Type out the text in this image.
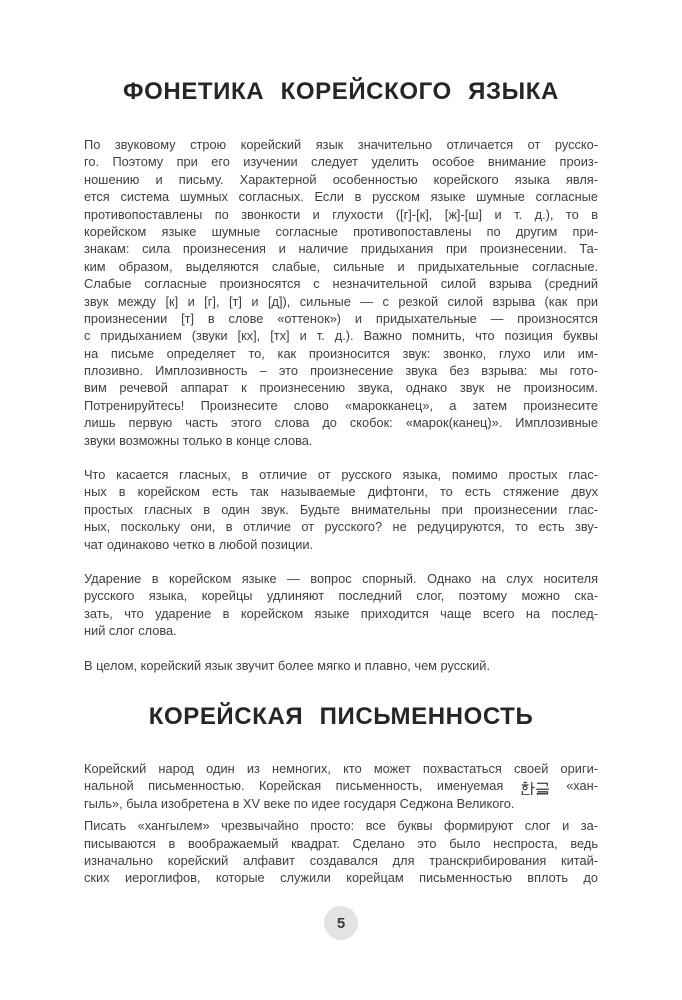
ФОНЕТИКА КОРЕЙСКОГО ЯЗЫКА
По звуковому строю корейский язык значительно отличается от русско-
го. Поэтому при его изучении следует уделить особое внимание произ-
ношению и письму. Характерной особенностью корейского языка явля-
ется система шумных согласных. Если в русском языке шумные согласные
противопоставлены по звонкости и глухости ([г]-[к], [ж]-[ш] и т. д.), то в
корейском языке шумные согласные противопоставлены по другим при-
знакам: сила произнесения и наличие придыхания при произнесении. Та-
ким образом, выделяются слабые, сильные и придыхательные согласные.
Слабые согласные произносятся с незначительной силой взрыва (средний
звук между [к] и [г], [т] и [д]), сильные — с резкой силой взрыва (как при
произнесении [т] в слове «оттенок») и придыхательные — произносятся
с придыханием (звуки [кх], [тх] и т. д.). Важно помнить, что позиция буквы
на письме определяет то, как произносится звук: звонко, глухо или им-
плозивно. Имплозивность – это произнесение звука без взрыва: мы гото-
вим речевой аппарат к произнесению звука, однако звук не произносим.
Потренируйтесь! Произнесите слово «марокканец», а затем произнесите
лишь первую часть этого слова до скобок: «марок(канец)». Имплозивные
звуки возможны только в конце слова.
Что касается гласных, в отличие от русского языка, помимо простых глас-
ных в корейском есть так называемые дифтонги, то есть стяжение двух
простых гласных в один звук. Будьте внимательны при произнесении глас-
ных, поскольку они, в отличие от русского? не редуцируются, то есть зву-
чат одинаково четко в любой позиции.
Ударение в корейском языке — вопрос спорный. Однако на слух носителя
русского языка, корейцы удлиняют последний слог, поэтому можно ска-
зать, что ударение в корейском языке приходится чаще всего на послед-
ний слог слова.
В целом, корейский язык звучит более мягко и плавно, чем русский.
КОРЕЙСКАЯ ПИСЬМЕННОСТЬ
Корейский народ один из немногих, кто может похвастаться своей ориги-
нальной письменностью. Корейская письменность, именуемая	«хан-
гыль», была изобретена в XV веке по идее государя Седжона Великого.
Писать «хангылем» чрезвычайно просто: все буквы формируют слог и за-
писываются в воображаемый квадрат. Сделано это было неспроста, ведь
изначально корейский алфавит создавался для транскрибирования китай-
ских иероглифов, которые служили корейцам письменностью вплоть до
5
